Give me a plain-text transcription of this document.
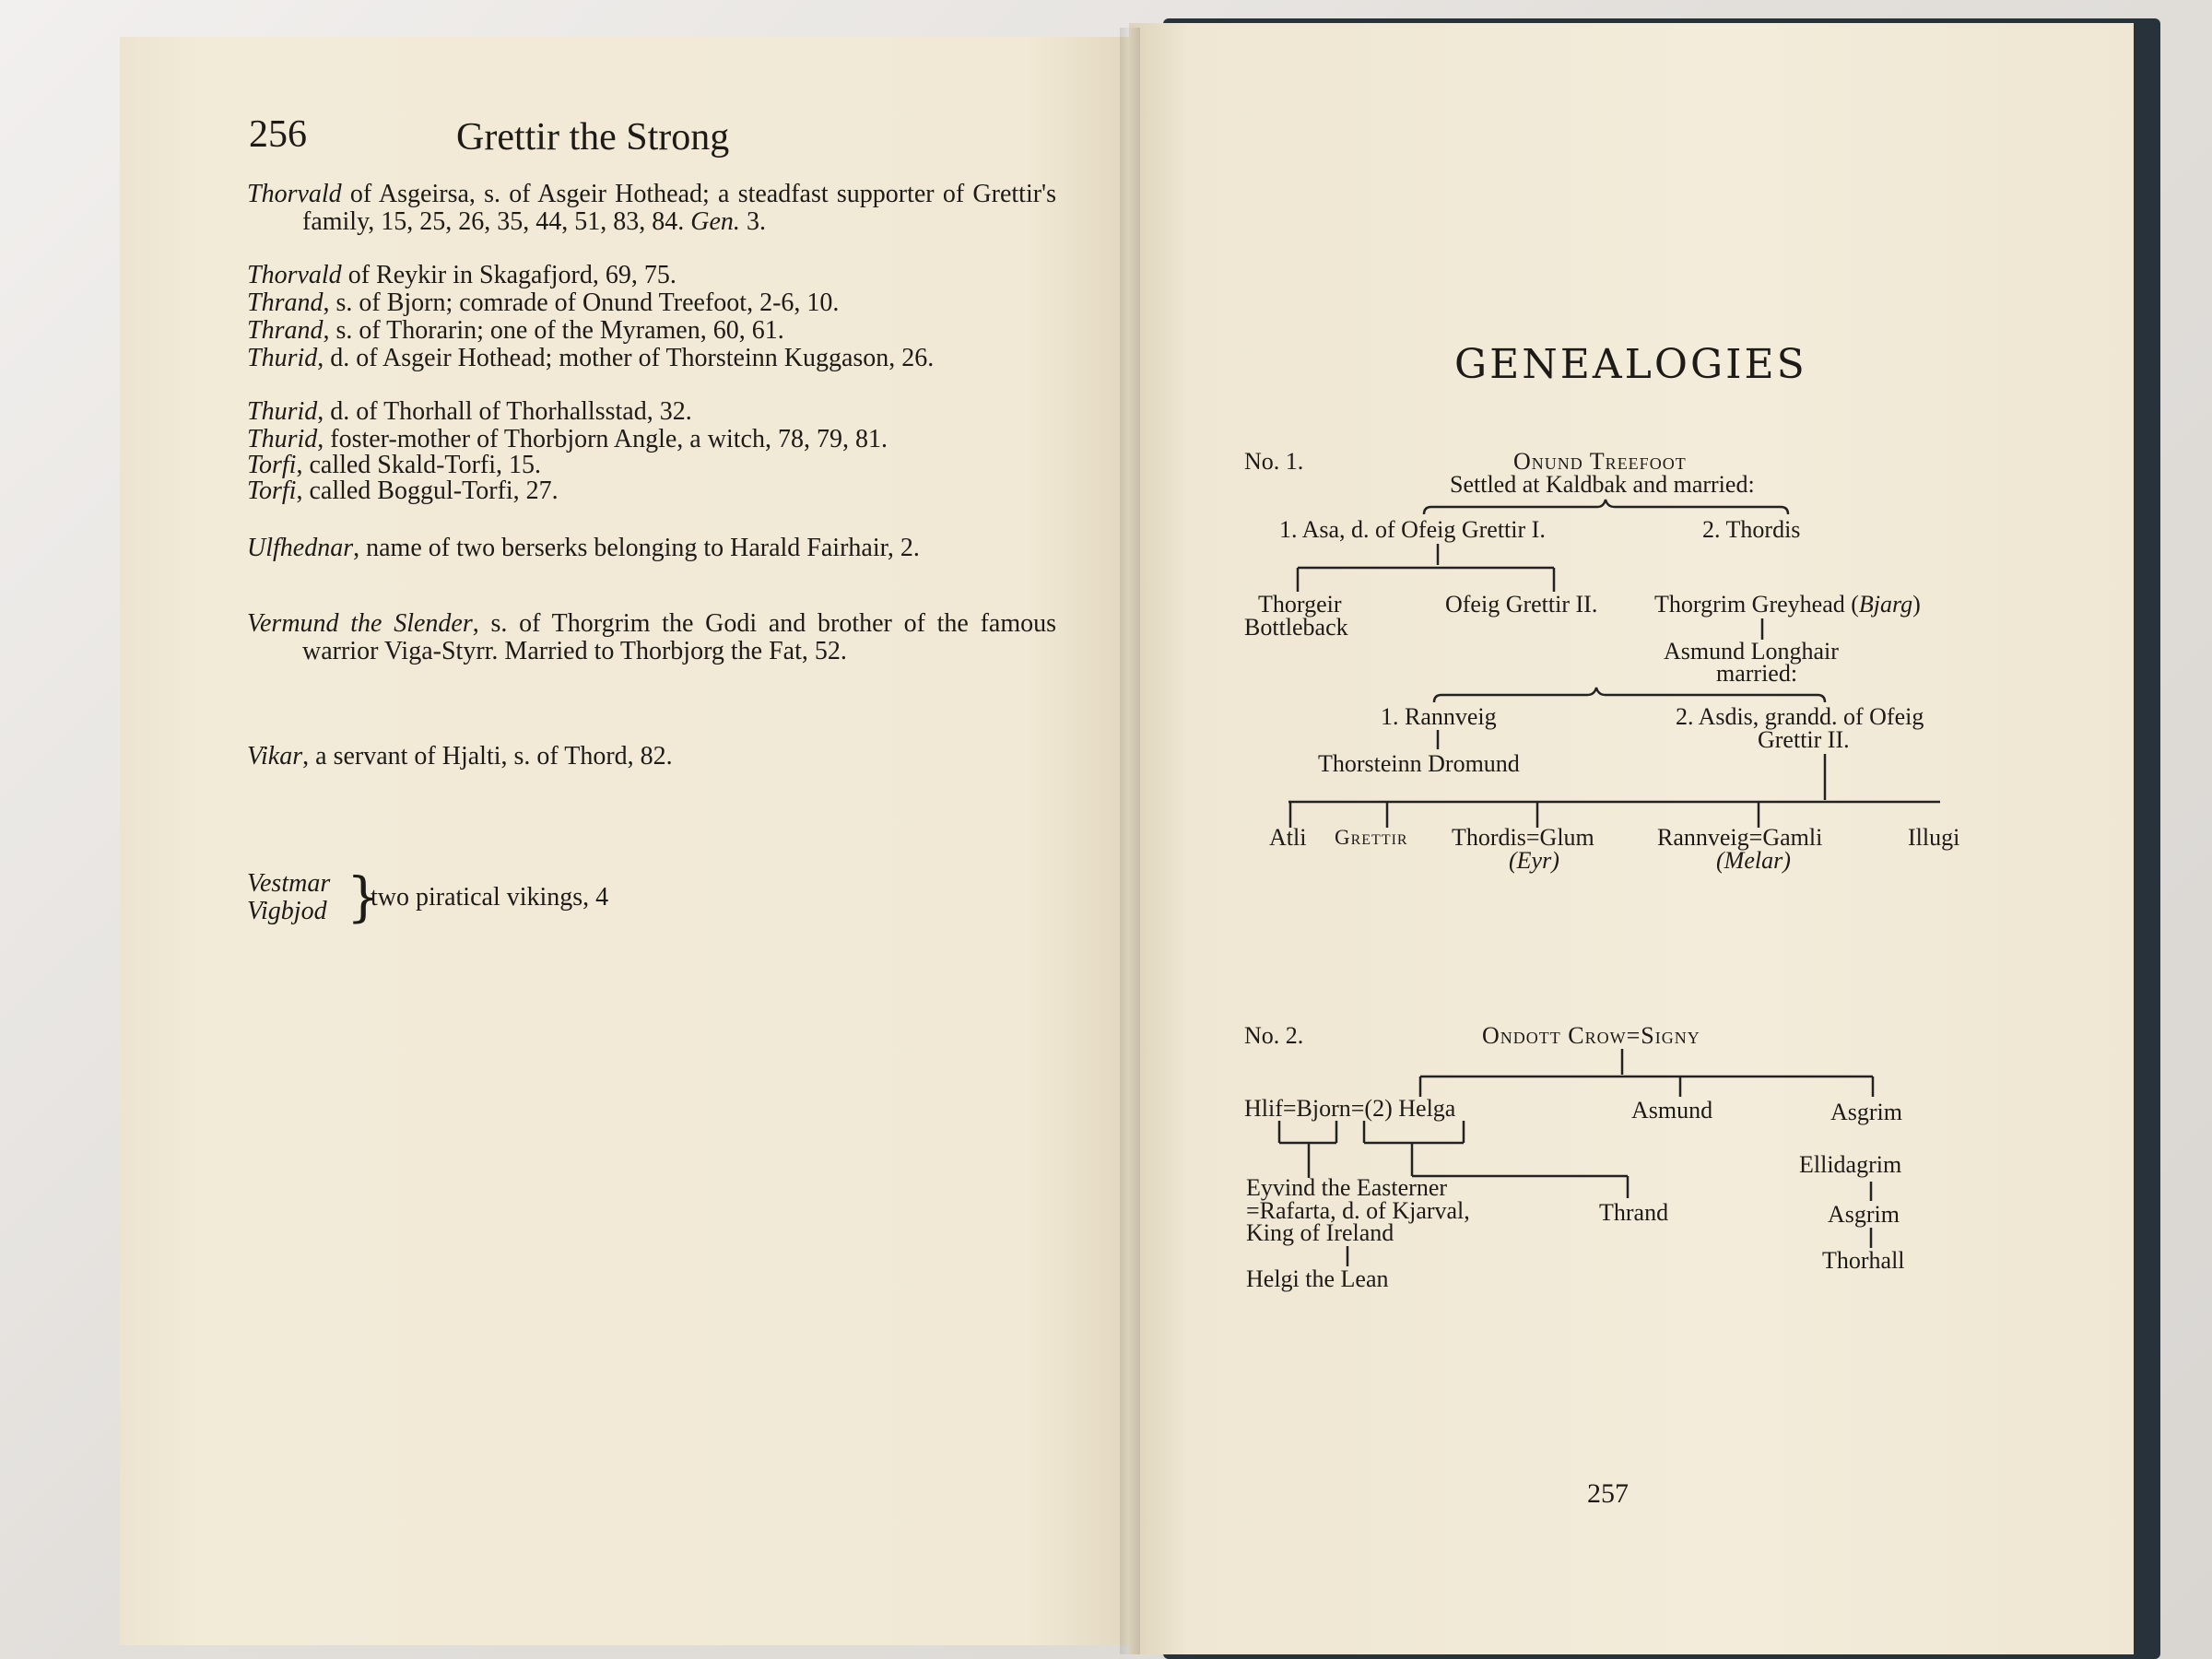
256	Grettir the Strong
Thorvald of Asgeirsa, s. of Asgeir Hothead; a steadfast supporter of Grettir's family, 15, 25, 26, 35, 44, 51, 83, 84. Gen. 3.
Thorvald of Reykir in Skagafjord, 69, 75.
Thrand, s. of Bjorn; comrade of Onund Treefoot, 2-6, 10.
Thrand, s. of Thorarin; one of the Myramen, 60, 61.
Thurid, d. of Asgeir Hothead; mother of Thorsteinn Kuggason, 26.
Thurid, d. of Thorhall of Thorhallsstad, 32.
Thurid, foster-mother of Thorbjorn Angle, a witch, 78, 79, 81.
Torfi, called Skald-Torfi, 15.
Torfi, called Boggul-Torfi, 27.
Ulfhednar, name of two berserks belonging to Harald Fairhair, 2.
Vermund the Slender, s. of Thorgrim the Godi and brother of the famous warrior Viga-Styrr. Married to Thorbjorg the Fat, 52.
Vestmar
Vigbjod }
two piratical vikings, 4
Vikar, a servant of Hjalti, s. of Thord, 82.
GENEALOGIES
No. 1.	Onund Treefoot
Settled at Kaldbak and married:
1. Asa, d. of Ofeig Grettir I.	2. Thordis
Thorgeir
Bottleback
Ofeig Grettir II. Thorgrim Greyhead (Bjarg)
Asmund Longhair
married:
1. Rannveig	2. Asdis, grandd. of Ofeig
Grettir II.
Thorsteinn Dromund
Atli Grettir Thordis=Glum
(Eyr)
Rannveig=Gamli
(Melar)
Illugi
No. 2.	Ondott Crow=Signy
Hlif=Bjorn=(2) Helga	Asmund	Asgrim
Eyvind the Easterner
=Rafarta, d. of Kjarval,
King of Ireland
Thrand
Ellidagrim
Asgrim
Thorhall
Helgi the Lean
257
